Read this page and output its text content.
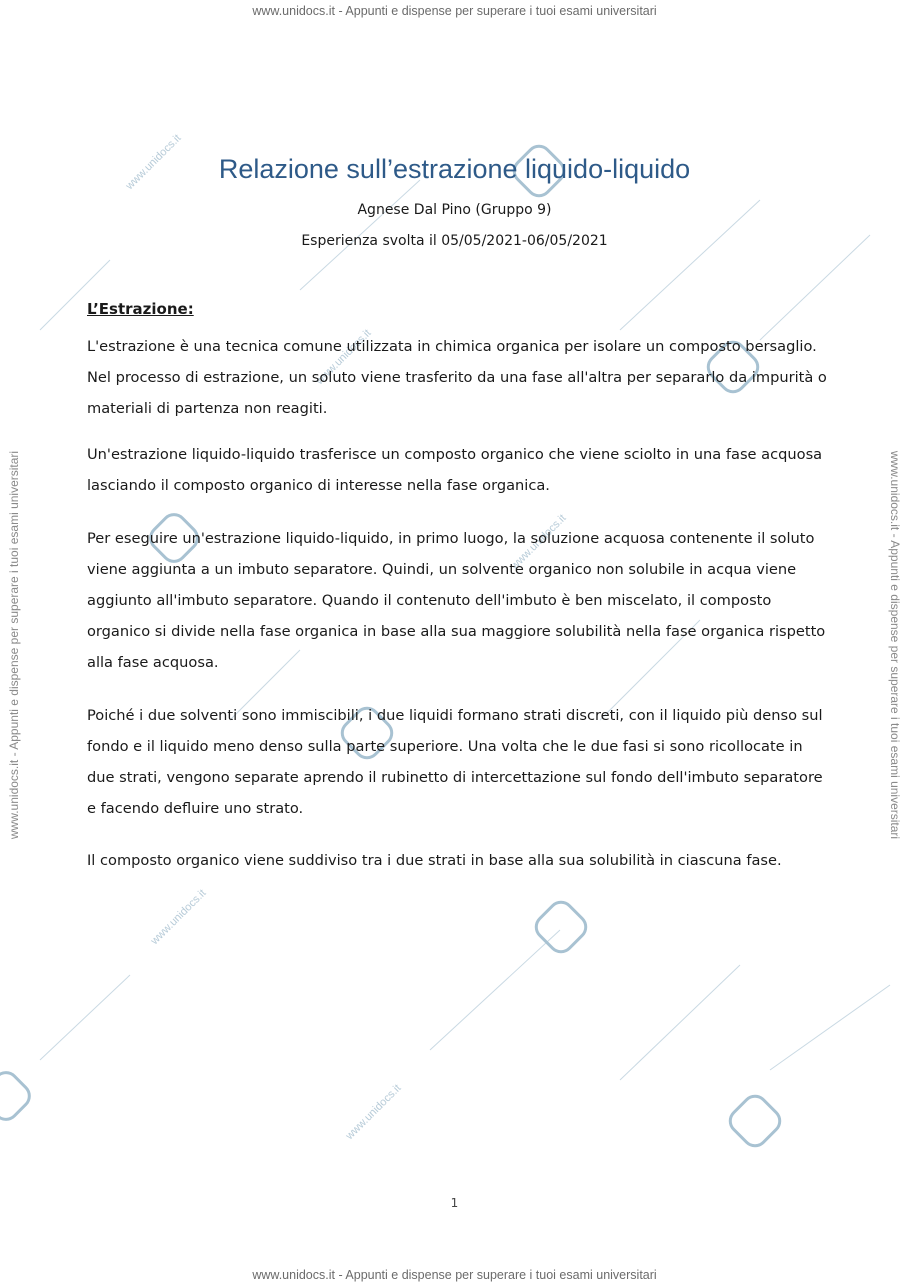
www.unidocs.it
www.unidocs.it
www.unidocs.it
www.unidocs.it
www.unidocs.it
www.unidocs.it - Appunti e dispense per superare i tuoi esami universitari
www.unidocs.it - Appunti e dispense per superare i tuoi esami universitari
www.unidocs.it - Appunti e dispense per superare i tuoi esami universitari	www.unidocs.it - Appunti e dispense per superare i tuoi esami universitari
Relazione sull’estrazione liquido-liquido
Agnese Dal Pino (Gruppo 9)
Esperienza svolta il 05/05/2021-06/05/2021
L’Estrazione:

L'estrazione è una tecnica comune utilizzata in chimica organica per isolare un composto bersaglio. Nel processo di estrazione, un soluto viene trasferito da una fase all'altra per separarlo da impurità o materiali di partenza non reagiti.

Un'estrazione liquido-liquido trasferisce un composto organico che viene sciolto in una fase acquosa lasciando il composto organico di interesse nella fase organica.

Per eseguire un'estrazione liquido-liquido, in primo luogo, la soluzione acquosa contenente il soluto viene aggiunta a un imbuto separatore. Quindi, un solvente organico non solubile in acqua viene aggiunto all'imbuto separatore. Quando il contenuto dell'imbuto è ben miscelato, il composto organico si divide nella fase organica in base alla sua maggiore solubilità nella fase organica rispetto alla fase acquosa.

Poiché i due solventi sono immiscibili, i due liquidi formano strati discreti, con il liquido più denso sul fondo e il liquido meno denso sulla parte superiore. Una volta che le due fasi si sono ricollocate in due strati, vengono separate aprendo il rubinetto di intercettazione sul fondo dell'imbuto separatore e facendo defluire uno strato.

Il composto organico viene suddiviso tra i due strati in base alla sua solubilità in ciascuna fase.

1
